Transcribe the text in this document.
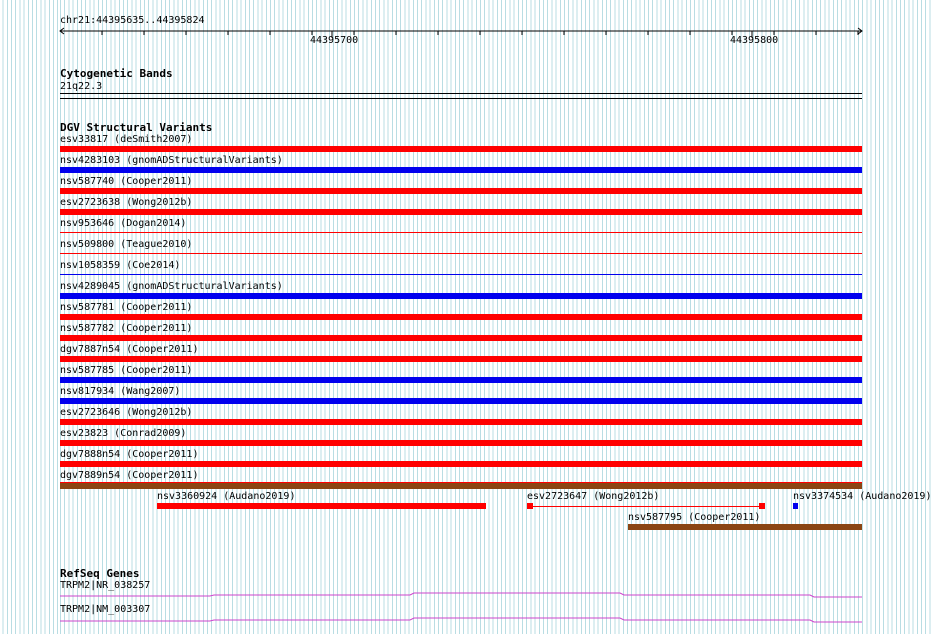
chr21:44395635..44395824
44395700	44395800
Cytogenetic Bands
21q22.3
DGV Structural Variants
esv33817 (deSmith2007)
nsv4283103 (gnomADStructuralVariants)
nsv587740 (Cooper2011)
esv2723638 (Wong2012b)
nsv953646 (Dogan2014)
nsv509800 (Teague2010)
nsv1058359 (Coe2014)
nsv4289045 (gnomADStructuralVariants)
nsv587781 (Cooper2011)
nsv587782 (Cooper2011)
dgv7887n54 (Cooper2011)
nsv587785 (Cooper2011)
nsv817934 (Wang2007)
esv2723646 (Wong2012b)
esv23823 (Conrad2009)
dgv7888n54 (Cooper2011)
dgv7889n54 (Cooper2011)
nsv3360924 (Audano2019)	esv2723647 (Wong2012b)	nsv3374534 (Audano2019)
nsv587795 (Cooper2011)
RefSeq Genes
TRPM2|NR_038257
TRPM2|NM_003307
